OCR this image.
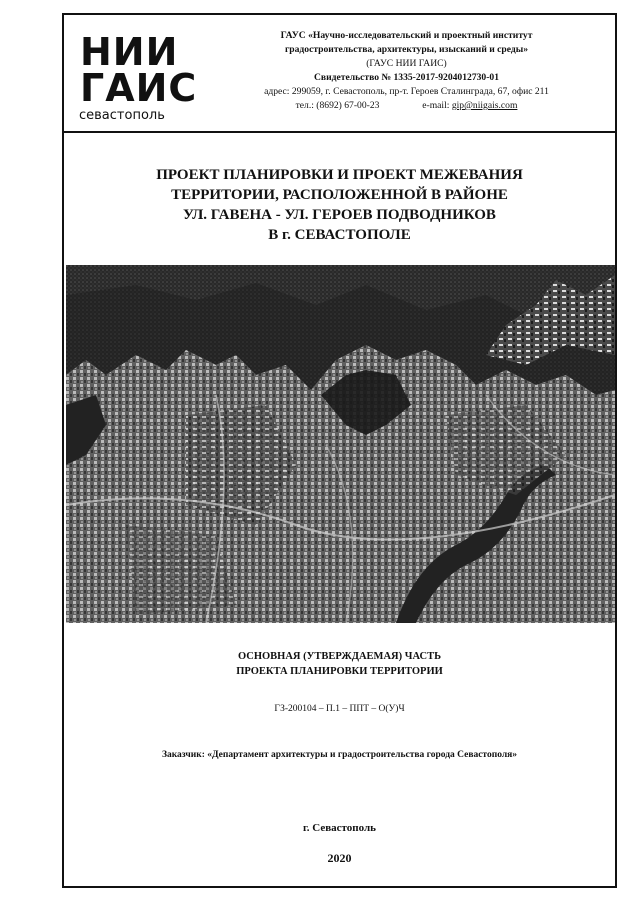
НИИ
ГАИС
севастополь
ГАУС «Научно-исследовательский и проектный институт
градостроительства, архитектуры, изысканий и среды»
(ГАУС НИИ ГАИС)
Свидетельство № 1335-2017-9204012730-01
адрес: 299059, г. Севастополь, пр-т. Героев Сталинграда, 67, офис 211
тел.: (8692) 67-00-23	e-mail: gip@niigais.com
ПРОЕКТ ПЛАНИРОВКИ И ПРОЕКТ МЕЖЕВАНИЯ
ТЕРРИТОРИИ, РАСПОЛОЖЕННОЙ В РАЙОНЕ
УЛ. ГАВЕНА - УЛ. ГЕРОЕВ ПОДВОДНИКОВ
В г. СЕВАСТОПОЛЕ
ОСНОВНАЯ (УТВЕРЖДАЕМАЯ) ЧАСТЬ
ПРОЕКТА ПЛАНИРОВКИ ТЕРРИТОРИИ
ГЗ-200104 – П.1 – ППТ – О(У)Ч
Заказчик: «Департамент архитектуры и градостроительства города Севастополя»
г. Севастополь
2020
